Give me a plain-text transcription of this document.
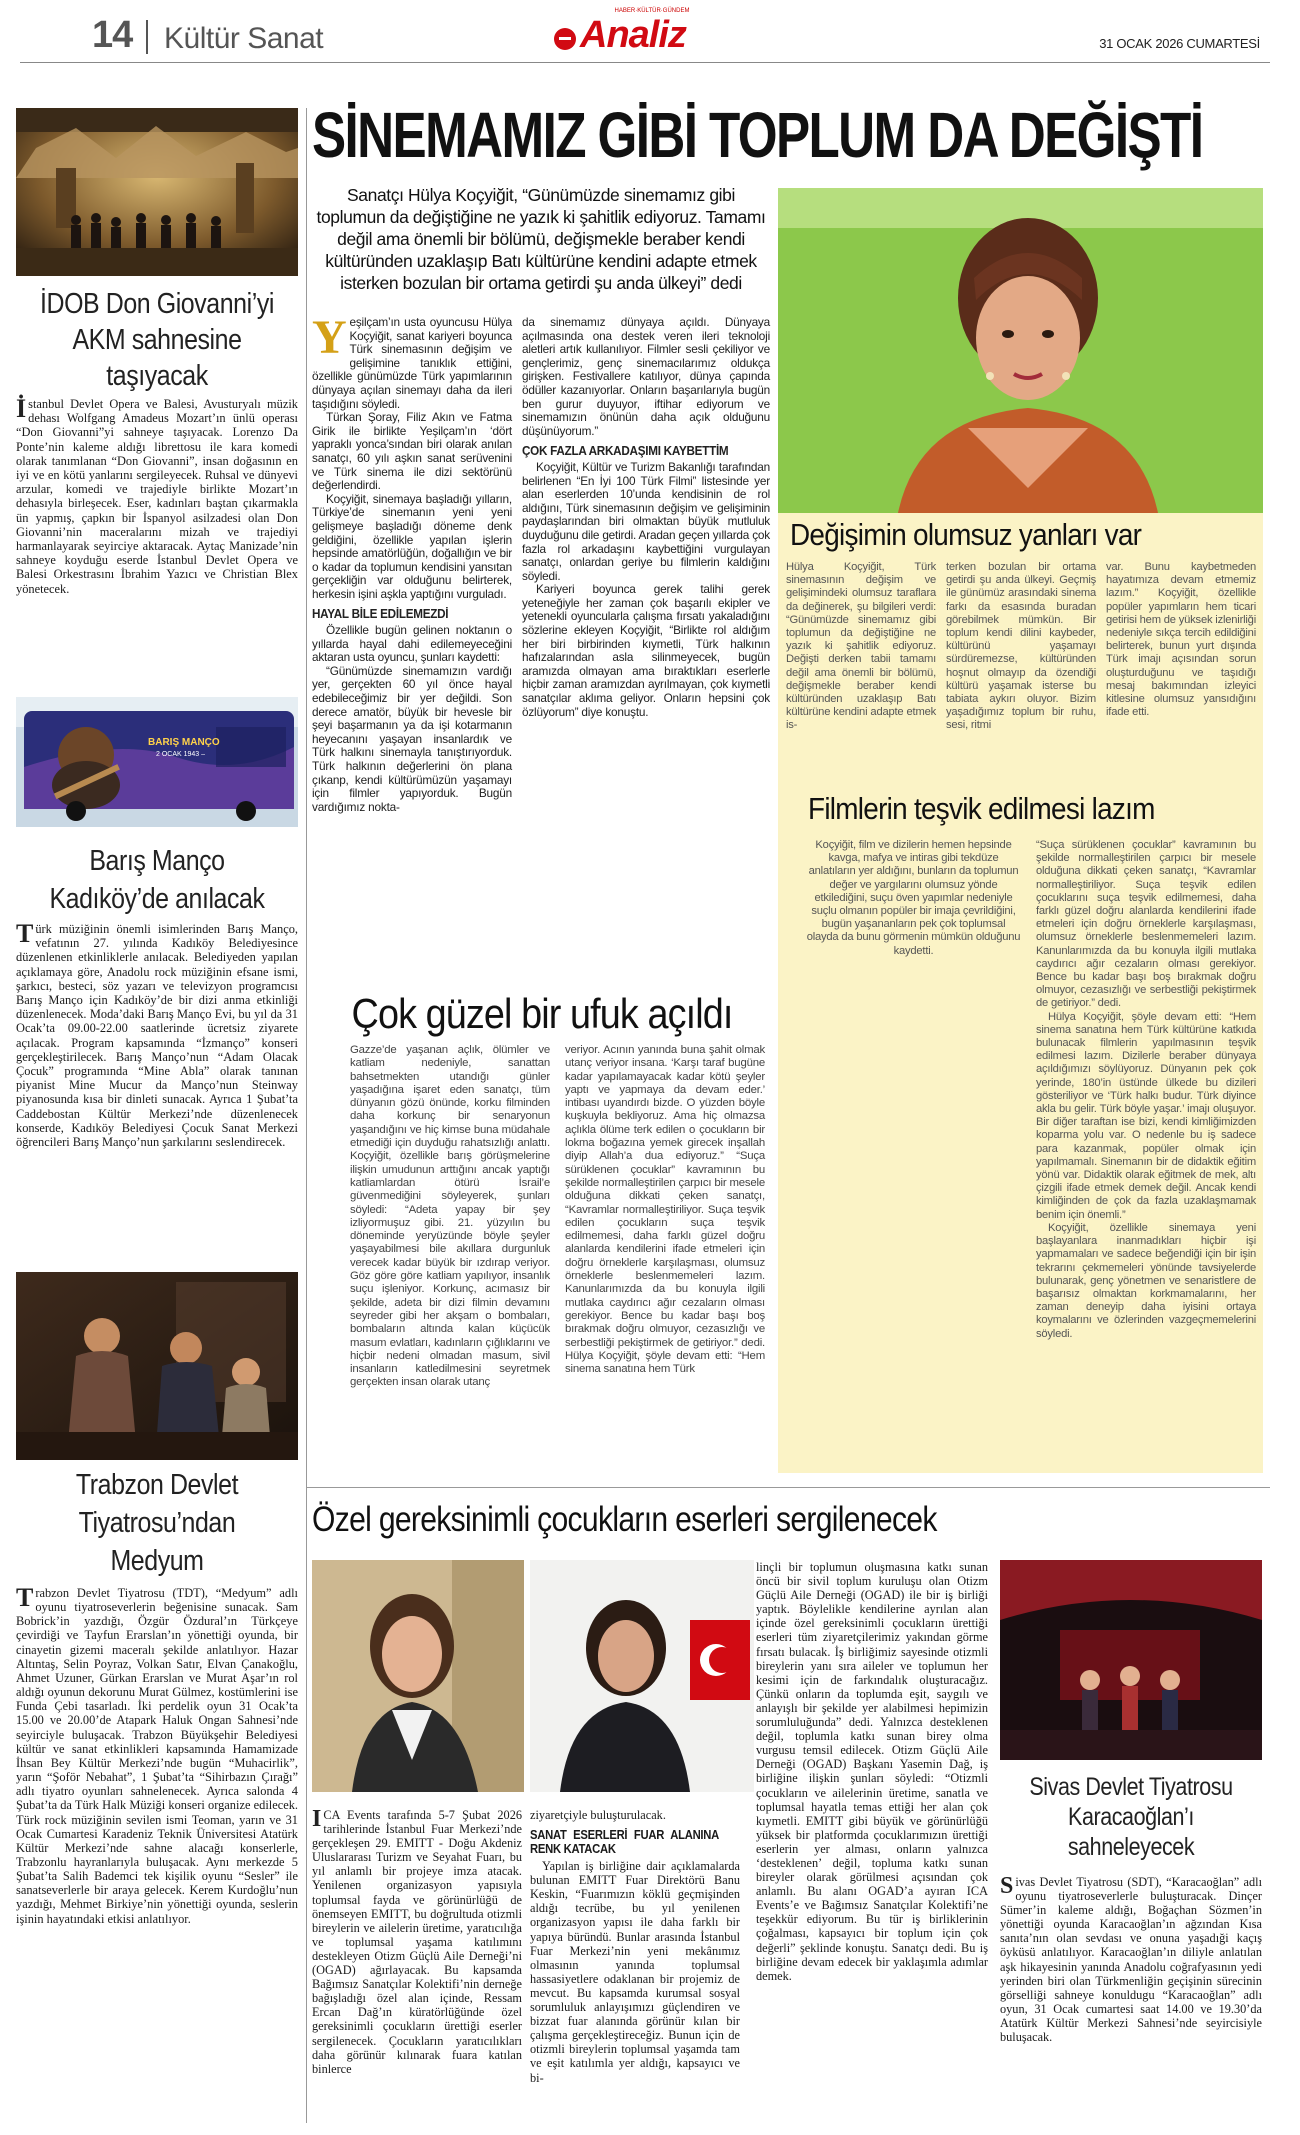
14 Kültür Sanat
HABER·KÜLTÜR·GÜNDEM
Analiz	31 OCAK 2026 CUMARTESİ
İDOB Don Giovanni’yi AKM sahnesine taşıyacak
İstanbul Devlet Opera ve Balesi, Avusturyalı müzik dehası Wolfgang Amadeus Mozart’ın ünlü operası “Don Giovanni”yi sahneye taşıyacak. Lorenzo Da Ponte’nin kaleme aldığı librettosu ile kara komedi olarak tanımlanan “Don Giovanni”, insan doğasının en iyi ve en kötü yanlarını sergileyecek. Ruhsal ve dünyevi arzular, komedi ve trajediyle birlikte Mozart’ın dehasıyla birleşecek. Eser, kadınları baştan çıkarmakla ün yapmış, çapkın bir İspanyol asilzadesi olan Don Giovanni’nin maceralarını mizah ve trajediyi harmanlayarak seyirciye aktaracak. Aytaç Manizade’nin sahneye koyduğu eserde İstanbul Devlet Opera ve Balesi Orkestrasını İbrahim Yazıcı ve Christian Blex yönetecek.
BARIŞ MANÇO
2 OCAK 1943 –
Barış Manço Kadıköy’de anılacak
Türk müziğinin önemli isimlerinden Barış Manço, vefatının 27. yılında Kadıköy Belediyesince düzenlenen etkinliklerle anılacak. Belediyeden yapılan açıklamaya göre, Anadolu rock müziğinin efsane ismi, şarkıcı, besteci, söz yazarı ve televizyon programcısı Barış Manço için Kadıköy’de bir dizi anma etkinliği düzenlenecek. Moda’daki Barış Manço Evi, bu yıl da 31 Ocak’ta 09.00-22.00 saatlerinde ücretsiz ziyarete açılacak. Program kapsamında “İzmanço” konseri gerçekleştirilecek. Barış Manço’nun “Adam Olacak Çocuk” programında “Mine Abla” olarak tanınan piyanist Mine Mucur da Manço’nun Steinway piyanosunda kısa bir dinleti sunacak. Ayrıca 1 Şubat’ta Caddebostan Kültür Merkezi’nde düzenlenecek konserde, Kadıköy Belediyesi Çocuk Sanat Merkezi öğrencileri Barış Manço’nun şarkılarını seslendirecek.
Trabzon Devlet Tiyatrosu’ndan Medyum
Trabzon Devlet Tiyatrosu (TDT), “Medyum” adlı oyunu tiyatroseverlerin beğenisine sunacak. Sam Bobrick’in yazdığı, Özgür Özdural’ın Türkçeye çevirdiği ve Tayfun Erarslan’ın yönettiği oyunda, bir cinayetin gizemi maceralı şekilde anlatılıyor. Hazar Altıntaş, Selin Poyraz, Volkan Satır, Elvan Çanakoğlu, Ahmet Uzuner, Gürkan Erarslan ve Murat Aşar’ın rol aldığı oyunun dekorunu Murat Gülmez, kostümlerini ise Funda Çebi tasarladı. İki perdelik oyun 31 Ocak’ta 15.00 ve 20.00’de Atapark Haluk Ongan Sahnesi’nde seyirciyle buluşacak. Trabzon Büyükşehir Belediyesi kültür ve sanat etkinlikleri kapsamında Hamamizade İhsan Bey Kültür Merkezi’nde bugün “Muhacirlik”, yarın “Şoför Nebahat”, 1 Şubat’ta “Sihirbazın Çırağı” adlı tiyatro oyunları sahnelenecek. Ayrıca salonda 4 Şubat’ta da Türk Halk Müziği konseri organize edilecek. Türk rock müziğinin sevilen ismi Teoman, yarın ve 31 Ocak Cumartesi Karadeniz Teknik Üniversitesi Atatürk Kültür Merkezi’nde sahne alacağı konserlerle, Trabzonlu hayranlarıyla buluşacak. Aynı merkezde 5 Şubat’ta Salih Bademci tek kişilik oyunu “Sesler” ile sanatseverlerle bir araya gelecek. Kerem Kurdoğlu’nun yazdığı, Mehmet Birkiye’nin yönettiği oyunda, seslerin işinin hayatındaki etkisi anlatılıyor.
SİNEMAMIZ GİBİ TOPLUM DA DEĞİŞTİ
Sanatçı Hülya Koçyiğit, “Günümüzde sinemamız gibi toplumun da değiştiğine ne yazık ki şahitlik ediyoruz. Tamamı değil ama önemli bir bölümü, değişmekle beraber kendi kültüründen uzaklaşıp Batı kültürüne kendini adapte etmek isterken bozulan bir ortama getirdi şu anda ülkeyi” dedi
Y eşilçam’ın usta oyuncusu Hülya Koçyiğit, sanat kariyeri boyunca Türk sinemasının değişim ve gelişimine tanıklık ettiğini, özellikle günümüzde Türk yapımlarının dünyaya açılan sinemayı daha da ileri taşıdığını söyledi.

Türkan Şoray, Filiz Akın ve Fatma Girik ile birlikte Yeşilçam’ın ‘dört yapraklı yonca’sından biri olarak anılan sanatçı, 60 yılı aşkın sanat serüvenini ve Türk sinema ile dizi sektörünü değerlendirdi.

Koçyiğit, sinemaya başladığı yılların, Türkiye’de sinemanın yeni yeni gelişmeye başladığı döneme denk geldiğini, özellikle yapılan işlerin hepsinde amatörlüğün, doğallığın ve bir o kadar da toplumun kendisini yansıtan gerçekliğin var olduğunu belirterek, herkesin işini aşkla yaptığını vurguladı.

HAYAL BİLE EDİLEMEZDİ

Özellikle bugün gelinen noktanın o yıllarda hayal dahi edilemeyeceğini aktaran usta oyuncu, şunları kaydetti:

“Günümüzde sinemamızın vardığı yer, gerçekten 60 yıl önce hayal edebileceğimiz bir yer değildi. Son derece amatör, büyük bir heveslе bir şeyi başarmanın ya da işi kotarmanın heyecanını yaşayan insanlardık ve Türk halkını sinemayla tanıştırıyorduk. Türk halkının değerlerini ön plana çıkanp, kendi kültürümüzün yaşamayı için filmler yapıyorduk. Bugün vardığımız nokta-

da sinemamız dünyaya açıldı. Dünyaya açılmasında ona destek veren ileri teknoloji aletleri artık kullanılıyor. Filmler sesli çekiliyor ve gençlerimiz, genç sinemacılarımız oldukça girişken. Festivallere katılıyor, dünya çapında ödüller kazanıyorlar. Onların başarılarıyla bugün ben gurur duyuyor, iftihar ediyorum ve sinemamızın önünün daha açık olduğunu düşünüyorum.”

ÇOK FAZLA ARKADAŞIMI KAYBETTİM

Koçyiğit, Kültür ve Turizm Bakanlığı tarafından belirlenen “En İyi 100 Türk Filmi” listesinde yer alan eserlerden 10’unda kendisinin de rol aldığını, Türk sinemasının değişim ve gelişiminin paydaşlarından biri olmaktan büyük mutluluk duyduğunu dile getirdi. Aradan geçen yıllarda çok fazla rol arkadaşını kaybettiğini vurgulayan sanatçı, onlardan geriye bu filmlerin kaldığını söyledi.

Kariyeri boyunca gerek talihi gerek yeteneğiyle her zaman çok başarılı ekipler ve yetenekli oyuncularla çalışma fırsatı yakaladığını sözlerine ekleyen Koçyiğit, “Birlikte rol aldığım her biri birbirinden kıymetli, Türk halkının hafızalarından asla silinmeyecek, bugün aramızda olmayan ama bıraktıkları eserlerle hiçbir zaman aramızdan ayrılmayan, çok kıymetli sanatçılar aklıma geliyor. Onların hepsini çok özlüyorum” diye konuştu.

Değişimin olumsuz yanları var
Hülya Koçyiğit, Türk sinemasının değişim ve gelişimindeki olumsuz taraflara da değinerek, şu bilgileri verdi: “Günümüzde sinemamız gibi toplumun da değiştiğine ne yazık ki şahitlik ediyoruz. Değişti derken tabii tamamı değil ama önemli bir bölümü, değişmekle beraber kendi kültüründen uzaklaşıp Batı kültürüne kendini adapte etmek is-
terken bozulan bir ortama getirdi şu anda ülkeyi. Geçmiş ile günümüz arasındaki sinema farkı da esasında buradan görebilmek mümkün. Bir toplum kendi dilini kaybeder, kültürünü yaşamayı sürdüremezse, kültüründen hoşnut olmayıp da özendiği kültürü yaşamak isterse bu tabiata aykırı oluyor. Bizim yaşadığımız toplum bir ruhu, sesi, ritmi
var. Bunu kaybetmeden hayatımıza devam etmemiz lazım.” Koçyiğit, özellikle popüler yapımların hem ticari getirisi hem de yüksek izlenirliği nedeniyle sıkça tercih edildiğini belirterek, bunun yurt dışında Türk imajı açısından sorun oluşturduğunu ve taşıdığı mesaj bakımından izleyici kitlesine olumsuz yansıdığını ifade etti.
Filmlerin teşvik edilmesi lazım
Koçyiğit, film ve dizilerin hemen hepsinde kavga, mafya ve intiras gibi tekdüze anlatıların yer aldığını, bunların da toplumun değer ve yargılarını olumsuz yönde etkilediğini, suçu öven yapımlar nedeniyle suçlu olmanın popüler bir imaja çevrildiğini, bugün yaşananların pek çok toplumsal olayda da bunu görmenin mümkün olduğunu kaydetti.

“Suça sürüklenen çocuklar” kavramının bu şekilde normalleştirilen çarpıcı bir mesele olduğuna dikkati çeken sanatçı, “Kavramlar normalleştiriliyor. Suça teşvik edilen çocuklarını suça teşvik edilmemesi, daha farklı güzel doğru alanlarda kendilerini ifade etmeleri için doğru örneklerle karşılaşması, olumsuz örneklerle beslenmemeleri lazım. Kanunlarımızda da bu konuyla ilgili mutlaka caydırıcı ağır cezaların olması gerekiyor. Bence bu kadar başı boş bırakmak doğru olmuyor, cezasızlığı ve serbestliği pekiştirmek de getiriyor.” dedi.

Hülya Koçyiğit, şöyle devam etti: “Hem sinema sanatına hem Türk kültürüne katkıda bulunacak filmlerin yapılmasının teşvik edilmesi lazım. Dizilerle beraber dünyaya açıldığımızı söylüyoruz. Dünyanın pek çok yerinde, 180’in üstünde ülkede bu dizileri gösteriliyor ve ‘Türk halkı budur. Türk diyince akla bu gelir. Türk böyle yaşar.’ imajı oluşuyor. Bir diğer taraftan ise bizi, kendi kimliğimizden koparma yolu var. O nedenle bu iş sadece para kazanmak, popüler olmak için yapılmamalı. Sinemanın bir de didaktik eğitim yönü var. Didaktik olarak eğitmek de mek, altı çizgili ifade etmek demek değil. Ancak kendi kimliğinden de çok da fazla uzaklaşmamak benim için önemli.”

Koçyiğit, özellikle sinemaya yeni başlayanlara inanmadıkları hiçbir işi yapmamaları ve sadece beğendiği için bir işin tekrarını çekmemeleri yönünde tavsiyelerde bulunarak, genç yönetmen ve senaristlere de başarısız olmaktan korkmamalarını, her zaman deneyip daha iyisini ortaya koymalarını ve özlerinden vazgeçmemelerini söyledi.

Çok güzel bir ufuk açıldı
Gazze’de yaşanan açlık, ölümler ve katliam nedeniyle, sanattan bahsetmekten utandığı günler yaşadığına işaret eden sanatçı, tüm dünyanın gözü önünde, korku filminden daha korkunç bir senaryonun yaşandığını ve hiç kimse buna müdahale etmediği için duyduğu rahatsızlığı anlattı. Koçyiğit, özellikle barış görüşmelerine ilişkin umudunun arttığını ancak yaptığı katliamlardan ötürü İsrail’e güvenmediğini söyleyerek, şunları söyledi: “Adeta yapay bir şey izliyormuşuz gibi. 21. yüzyılın bu döneminde yeryüzünde böyle şeyler yaşayabilmesi bile akıllara durgunluk verecek kadar büyük bir ızdırap veriyor. Göz göre göre katliam yapılıyor, insanlık suçu işleniyor. Korkunç, acımasız bir şekilde, adeta bir dizi filmin devamını seyreder gibi her akşam o bombaları, bombaların altında kalan küçücük masum evlatları, kadınların çığlıklarını ve hiçbir nedeni olmadan masum, sivil insanların katledilmesini seyretmek gerçekten insan olarak utanç
veriyor. Acının yanında buna şahit olmak utanç veriyor insana. ‘Karşı taraf bugüne kadar yapılamayacak kadar kötü şeyler yaptı ve yapmaya da devam eder.’ intibası uyandırdı bizde. O yüzden böyle kuşkuyla bekliyoruz. Ama hiç olmazsa açlıkla ölüme terk edilen o çocukların bir lokma boğazına yemek girecek inşallah diyip Allah’a dua ediyoruz.” “Suça sürüklenen çocuklar” kavramının bu şekilde normalleştirilen çarpıcı bir mesele olduğuna dikkati çeken sanatçı, “Kavramlar normalleştiriliyor. Suça teşvik edilen çocukların suça teşvik edilmemesi, daha farklı güzel doğru alanlarda kendilerini ifade etmeleri için doğru örneklerle karşılaşması, olumsuz örneklerle beslenmemeleri lazım. Kanunlarımızda da bu konuyla ilgili mutlaka caydırıcı ağır cezaların olması gerekiyor. Bence bu kadar başı boş bırakmak doğru olmuyor, cezasızlığı ve serbestliği pekiştirmek de getiriyor.” dedi. Hülya Koçyiğit, şöyle devam etti: “Hem sinema sanatına hem Türk
Özel gereksinimli çocukların eserleri sergilenecek
ICA Events tarafında 5-7 Şubat 2026 tarihlerinde İstanbul Fuar Merkezi’nde gerçekleşen 29. EMITT - Doğu Akdeniz Uluslararası Turizm ve Seyahat Fuarı, bu yıl anlamlı bir projeye imza atacak. Yenilenen organizasyon yapısıyla toplumsal fayda ve görünürlüğü de önemseyen EMITT, bu doğrultuda otizmli bireylerin ve ailelerin üretime, yaratıcılığa ve toplumsal yaşama katılımını destekleyen Otizm Güçlü Aile Derneği’ni (OGAD) ağırlayacak. Bu kapsamda Bağımsız Sanatçılar Kolektifi’nin derneğe bağışladığı özel alan içinde, Ressam Ercan Dağ’ın küratörlüğünde özel gereksinimli çocukların ürettiği eserler sergilenecek. Çocukların yaratıcılıkları daha görünür kılınarak fuara katılan binlerce

ziyaretçiyle buluşturulacak.

SANAT ESERLERİ FUAR ALANINA RENK KATACAK

Yapılan iş birliğine dair açıklamalarda bulunan EMITT Fuar Direktörü Banu Keskin, “Fuarımızın köklü geçmişinden aldığı tecrübe, bu yıl yenilenen organizasyon yapısı ile daha farklı bir yapıya büründü. Bunlar arasında İstanbul Fuar Merkezi’nin yeni mekânımız olmasının yanında toplumsal hassasiyetlere odaklanan bir projemiz de mevcut. Bu kapsamda kurumsal sosyal sorumluluk anlayışımızı güçlendiren ve bizzat fuar alanında görünür kılan bir çalışma gerçekleştireceğiz. Bunun için de otizmli bireylerin toplumsal yaşamda tam ve eşit katılımla yer aldığı, kapsayıcı ve bi-

linçli bir toplumun oluşmasına katkı sunan öncü bir sivil toplum kuruluşu olan Otizm Güçlü Aile Derneği (OGAD) ile bir iş birliği yaptık. Böyleliklе kendilerine ayrılan alan içinde özel gereksinimli çocukların ürettiği eserleri tüm ziyaretçilerimiz yakından görme fırsatı bulacak. İş birliğimiz sayesinde otizmli bireylerin yanı sıra aileler ve toplumun her kesimi için de farkındalık oluşturacağız. Çünkü onların da toplumda eşit, saygılı ve anlayışlı bir şekilde yer alabilmesi hepimizin sorumluluğunda” dedi. Yalnızca desteklenen değil, toplumla katkı sunan birey olma vurgusu temsil edilecek. Otizm Güçlü Aile Derneği (OGAD) Başkanı Yasemin Dağ, iş birliğine ilişkin şunları söyledi: “Otizmli çocukların ve ailelerinin üretime, sanatla ve toplumsal hayatla temas ettiği her alan çok kıymetli. EMITT gibi büyük ve görünürlüğü yüksek bir platformda çocuklarımızın ürettiği eserlerin yer alması, onların yalnızca ‘desteklenen’ değil, topluma katkı sunan bireyler olarak görülmesi açısından çok anlamlı. Bu alanı OGAD’a ayıran ICA Events’e ve Bağımsız Sanatçılar Kolektifi’ne teşekkür ediyorum. Bu tür iş birliklerinin çoğalması, kapsayıcı bir toplum için çok değerli” şeklinde konuştu. Sanatçı dedi. Bu iş birliğine devam edecek bir yaklaşımla adımlar demek.
Sivas Devlet Tiyatrosu Karacaoğlan’ı sahneleyecek
Sivas Devlet Tiyatrosu (SDT), “Karacaoğlan” adlı oyunu tiyatroseverlerle buluşturacak. Dinçer Sümer’in kaleme aldığı, Boğaçhan Sözmen’in yönettiği oyunda Karacaoğlan’ın ağzından Kısa sanıta’nın olan sevdası ve onuna yaşadıği kaçış öyküsü anlatılıyor. Karacaoğlan’ın diliyle anlatılan aşk hikayesinin yanında Anadolu coğrafyasının yedi yerinden biri olan Türkmenliğin geçişinin sürecinin görselliği sahneye konuldugu “Karacaoğlan” adlı oyun, 31 Ocak cumartesi saat 14.00 ve 19.30’da Atatürk Kültür Merkezi Sahnesi’nde seyircisiyle buluşacak.
